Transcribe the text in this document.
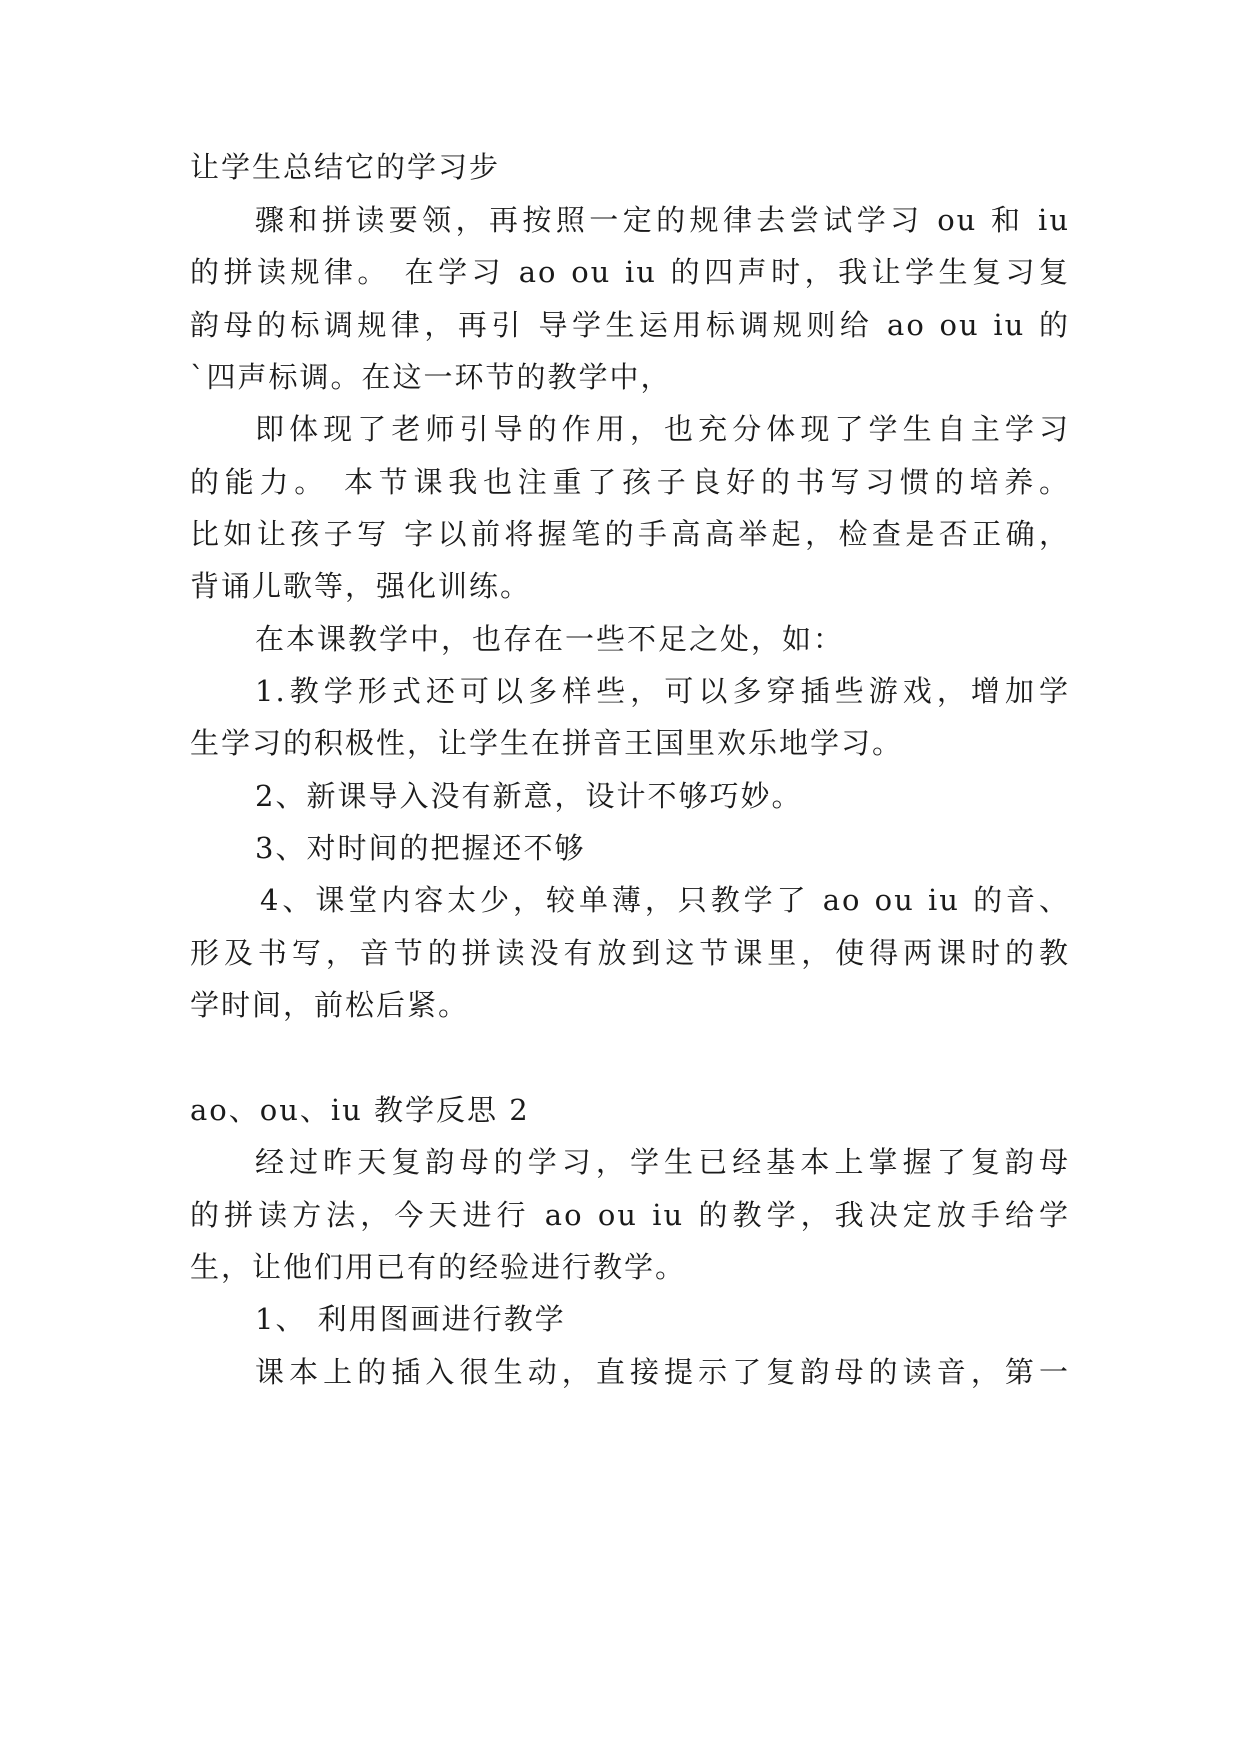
让学生总结它的学习步
骤和拼读要领，再按照一定的规律去尝试学习 ou 和 iu
的拼读规律。 在学习 ao ou iu 的四声时，我让学生复习复
韵母的标调规律，再引 导学生运用标调规则给 ao ou iu 的
`四声标调。在这一环节的教学中，
即体现了老师引导的作用，也充分体现了学生自主学习
的能力。 本节课我也注重了孩子良好的书写习惯的培养。
比如让孩子写 字以前将握笔的手高高举起，检查是否正确，
背诵儿歌等，强化训练。
在本课教学中，也存在一些不足之处，如：
1.教学形式还可以多样些，可以多穿插些游戏，增加学
生学习的积极性，让学生在拼音王国里欢乐地学习。
2、新课导入没有新意，设计不够巧妙。
3、对时间的把握还不够
4、课堂内容太少，较单薄，只教学了 ao ou iu 的音、
形及书写，音节的拼读没有放到这节课里，使得两课时的教
学时间，前松后紧。
ao、ou、iu 教学反思 2
经过昨天复韵母的学习，学生已经基本上掌握了复韵母
的拼读方法，今天进行 ao ou iu 的教学，我决定放手给学
生，让他们用已有的经验进行教学。
1、 利用图画进行教学
课本上的插入很生动，直接提示了复韵母的读音，第一
